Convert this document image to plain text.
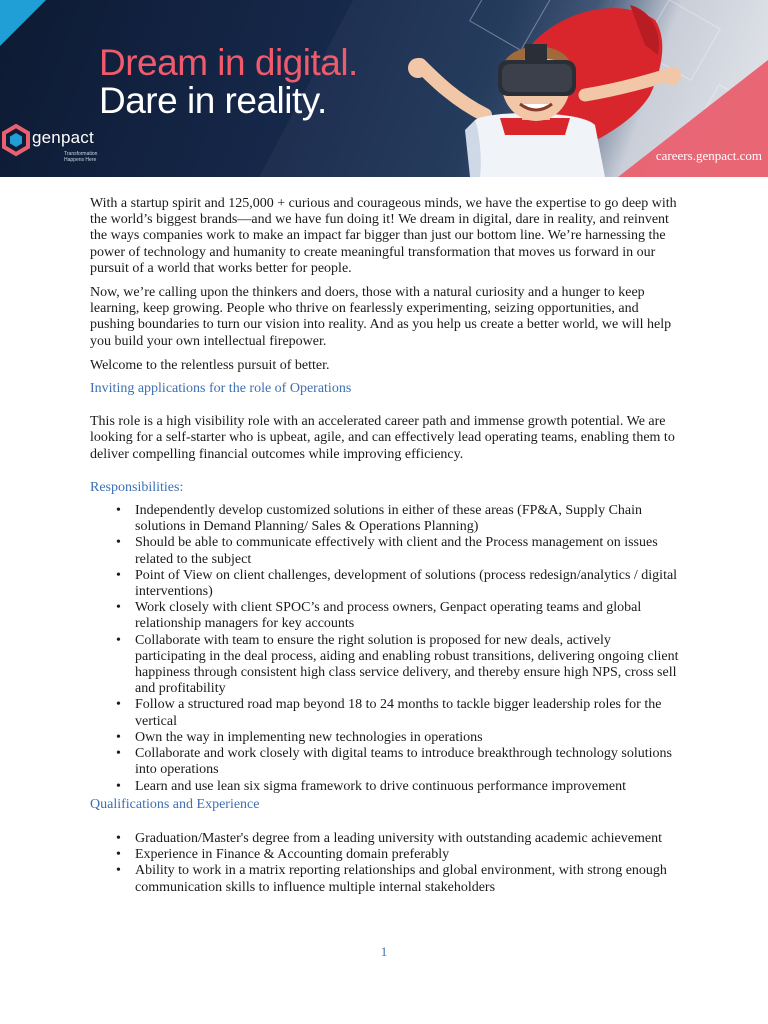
Dream in digital.
Dare in reality.
genpact
Transformation Happens Here	careers.genpact.com

With a startup spirit and 125,000 + curious and courageous minds, we have the expertise to go deep with the world’s biggest brands—and we have fun doing it! We dream in digital, dare in reality, and reinvent the ways companies work to make an impact far bigger than just our bottom line. We’re harnessing the power of technology and humanity to create meaningful transformation that moves us forward in our pursuit of a world that works better for people.

Now, we’re calling upon the thinkers and doers, those with a natural curiosity and a hunger to keep learning, keep growing. People who thrive on fearlessly experimenting, seizing opportunities, and pushing boundaries to turn our vision into reality. And as you help us create a better world, we will help you build your own intellectual firepower.

Welcome to the relentless pursuit of better.

Inviting applications for the role of Operations

This role is a high visibility role with an accelerated career path and immense growth potential. We are looking for a self-starter who is upbeat, agile, and can effectively lead operating teams, enabling them to deliver compelling financial outcomes while improving efficiency.

Responsibilities:

• Independently develop customized solutions in either of these areas (FP&A, Supply Chain solutions in Demand Planning/ Sales & Operations Planning)
• Should be able to communicate effectively with client and the Process management on issues related to the subject
• Point of View on client challenges, development of solutions (process redesign/analytics / digital interventions)
• Work closely with client SPOC’s and process owners, Genpact operating teams and global relationship managers for key accounts
• Collaborate with team to ensure the right solution is proposed for new deals, actively participating in the deal process, aiding and enabling robust transitions, delivering ongoing client happiness through consistent high class service delivery, and thereby ensure high NPS, cross sell and profitability
• Follow a structured road map beyond 18 to 24 months to tackle bigger leadership roles for the vertical
• Own the way in implementing new technologies in operations
• Collaborate and work closely with digital teams to introduce breakthrough technology solutions into operations
• Learn and use lean six sigma framework to drive continuous performance improvement

Qualifications and Experience

• Graduation/Master's degree from a leading university with outstanding academic achievement
• Experience in Finance & Accounting domain preferably
• Ability to work in a matrix reporting relationships and global environment, with strong enough communication skills to influence multiple internal stakeholders
1
